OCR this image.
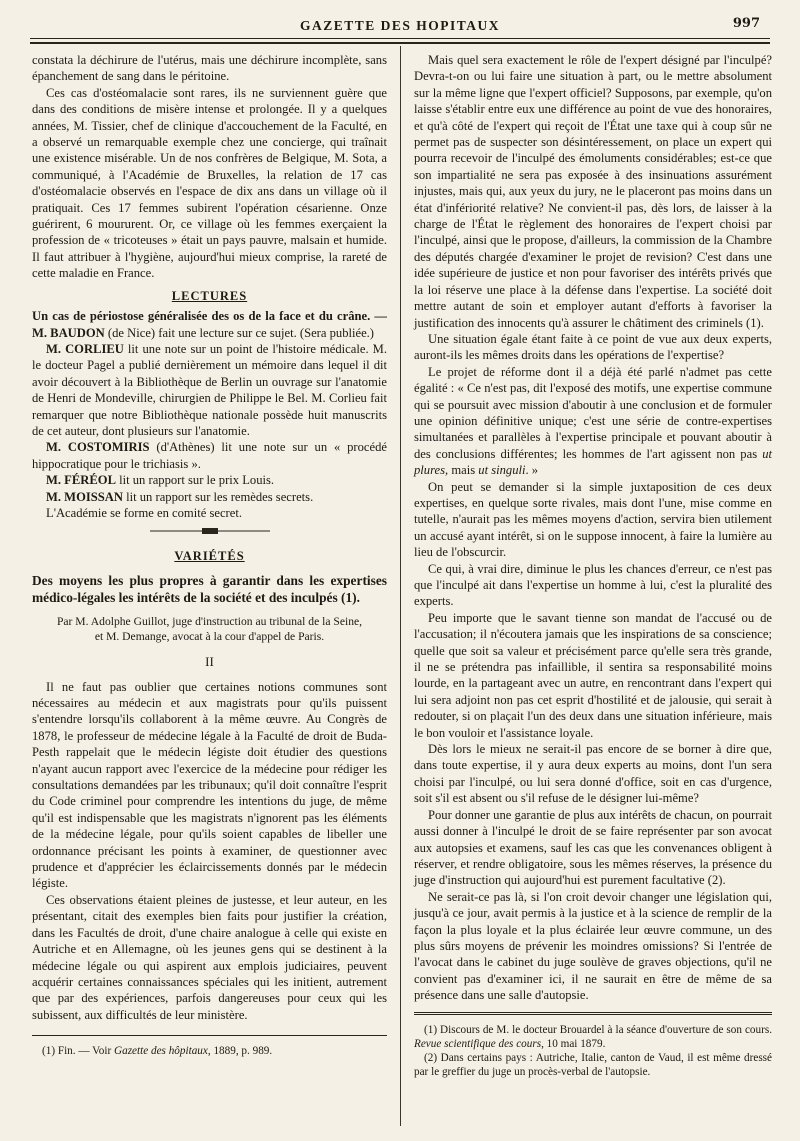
GAZETTE DES HOPITAUX	997

constata la déchirure de l'utérus, mais une déchirure incomplète, sans épanchement de sang dans le péritoine.

Ces cas d'ostéomalacie sont rares, ils ne surviennent guère que dans des conditions de misère intense et prolongée. Il y a quelques années, M. Tissier, chef de clinique d'accouchement de la Faculté, en a observé un remarquable exemple chez une concierge, qui traînait une existence misérable. Un de nos confrères de Belgique, M. Sota, a communiqué, à l'Académie de Bruxelles, la relation de 17 cas d'ostéomalacie observés en l'espace de dix ans dans un village où il pratiquait. Ces 17 femmes subirent l'opération césarienne. Onze guérirent, 6 moururent. Or, ce village où les femmes exerçaient la profession de « tricoteuses » était un pays pauvre, malsain et humide. Il faut attribuer à l'hygiène, aujourd'hui mieux comprise, la rareté de cette maladie en France.

LECTURES

Un cas de périostose généralisée des os de la face et du crâne. — M. BAUDON (de Nice) fait une lecture sur ce sujet. (Sera publiée.)

M. CORLIEU lit une note sur un point de l'histoire médicale. M. le docteur Pagel a publié dernièrement un mémoire dans lequel il dit avoir découvert à la Bibliothèque de Berlin un ouvrage sur l'anatomie de Henri de Mondeville, chirurgien de Philippe le Bel. M. Corlieu fait remarquer que notre Bibliothèque nationale possède huit manuscrits de cet auteur, dont plusieurs sur l'anatomie.

M. COSTOMIRIS (d'Athènes) lit une note sur un « procédé hippocratique pour le trichiasis ».

M. FÉRÉOL lit un rapport sur le prix Louis.

M. MOISSAN lit un rapport sur les remèdes secrets.

L'Académie se forme en comité secret.

VARIÉTÉS

Des moyens les plus propres à garantir dans les expertises médico-légales les intérêts de la société et des inculpés (1).

Par M. Adolphe Guillot, juge d'instruction au tribunal de la Seine,
et M. Demange, avocat à la cour d'appel de Paris.
II

Il ne faut pas oublier que certaines notions communes sont nécessaires au médecin et aux magistrats pour qu'ils puissent s'entendre lorsqu'ils collaborent à la même œuvre. Au Congrès de 1878, le professeur de médecine légale à la Faculté de droit de Buda-Pesth rappelait que le médecin légiste doit étudier des questions n'ayant aucun rapport avec l'exercice de la médecine pour rédiger les consultations demandées par les tribunaux; qu'il doit connaître l'esprit du Code criminel pour comprendre les intentions du juge, de même qu'il est indispensable que les magistrats n'ignorent pas les éléments de la médecine légale, pour qu'ils soient capables de libeller une ordonnance précisant les points à examiner, de questionner avec prudence et d'apprécier les éclaircissements donnés par le médecin légiste.

Ces observations étaient pleines de justesse, et leur auteur, en les présentant, citait des exemples bien faits pour justifier la création, dans les Facultés de droit, d'une chaire analogue à celle qui existe en Autriche et en Allemagne, où les jeunes gens qui se destinent à la médecine légale ou qui aspirent aux emplois judiciaires, peuvent acquérir certaines connaissances spéciales qui les initient, autrement que par des expériences, parfois dangereuses pour ceux qui les subissent, aux difficultés de leur ministère.

(1) Fin. — Voir Gazette des hôpitaux, 1889, p. 989.

Mais quel sera exactement le rôle de l'expert désigné par l'inculpé? Devra-t-on ou lui faire une situation à part, ou le mettre absolument sur la même ligne que l'expert officiel? Supposons, par exemple, qu'on laisse s'établir entre eux une différence au point de vue des honoraires, et qu'à côté de l'expert qui reçoit de l'État une taxe qui à coup sûr ne permet pas de suspecter son désintéressement, on place un expert qui pourra recevoir de l'inculpé des émoluments considérables; est-ce que son impartialité ne sera pas exposée à des insinuations assurément injustes, mais qui, aux yeux du jury, ne le placeront pas moins dans un état d'infériorité relative? Ne convient-il pas, dès lors, de laisser à la charge de l'État le règlement des honoraires de l'expert choisi par l'inculpé, ainsi que le propose, d'ailleurs, la commission de la Chambre des députés chargée d'examiner le projet de revision? C'est dans une idée supérieure de justice et non pour favoriser des intérêts privés que la loi réserve une place à la défense dans l'expertise. La société doit mettre autant de soin et employer autant d'efforts à favoriser la justification des innocents qu'à assurer le châtiment des criminels (1).

Une situation égale étant faite à ce point de vue aux deux experts, auront-ils les mêmes droits dans les opérations de l'expertise?

Le projet de réforme dont il a déjà été parlé n'admet pas cette égalité : « Ce n'est pas, dit l'exposé des motifs, une expertise commune qui se poursuit avec mission d'aboutir à une conclusion et de formuler une opinion définitive unique; c'est une série de contre-expertises simultanées et parallèles à l'expertise principale et pouvant aboutir à des conclusions différentes; les hommes de l'art agissent non pas ut plures, mais ut singuli. »

On peut se demander si la simple juxtaposition de ces deux expertises, en quelque sorte rivales, mais dont l'une, mise comme en tutelle, n'aurait pas les mêmes moyens d'action, servira bien utilement un accusé ayant intérêt, si on le suppose innocent, à faire la lumière au lieu de l'obscurcir.

Ce qui, à vrai dire, diminue le plus les chances d'erreur, ce n'est pas que l'inculpé ait dans l'expertise un homme à lui, c'est la pluralité des experts.

Peu importe que le savant tienne son mandat de l'accusé ou de l'accusation; il n'écoutera jamais que les inspirations de sa conscience; quelle que soit sa valeur et précisément parce qu'elle sera très grande, il ne se prétendra pas infaillible, il sentira sa responsabilité moins lourde, en la partageant avec un autre, en rencontrant dans l'expert qui lui sera adjoint non pas cet esprit d'hostilité et de jalousie, qui serait à redouter, si on plaçait l'un des deux dans une situation inférieure, mais le bon vouloir et l'assistance loyale.

Dès lors le mieux ne serait-il pas encore de se borner à dire que, dans toute expertise, il y aura deux experts au moins, dont l'un sera choisi par l'inculpé, ou lui sera donné d'office, soit en cas d'urgence, soit s'il est absent ou s'il refuse de le désigner lui-même?

Pour donner une garantie de plus aux intérêts de chacun, on pourrait aussi donner à l'inculpé le droit de se faire représenter par son avocat aux autopsies et examens, sauf les cas que les convenances obligent à réserver, et rendre obligatoire, sous les mêmes réserves, la présence du juge d'instruction qui aujourd'hui est purement facultative (2).

Ne serait-ce pas là, si l'on croit devoir changer une législation qui, jusqu'à ce jour, avait permis à la justice et à la science de remplir de la façon la plus loyale et la plus éclairée leur œuvre commune, un des plus sûrs moyens de prévenir les moindres omissions? Si l'entrée de l'avocat dans le cabinet du juge soulève de graves objections, qu'il ne convient pas d'examiner ici, il ne saurait en être de même de sa présence dans une salle d'autopsie.

(1) Discours de M. le docteur Brouardel à la séance d'ouverture de son cours. Revue scientifique des cours, 10 mai 1879.

(2) Dans certains pays : Autriche, Italie, canton de Vaud, il est même dressé par le greffier du juge un procès-verbal de l'autopsie.
